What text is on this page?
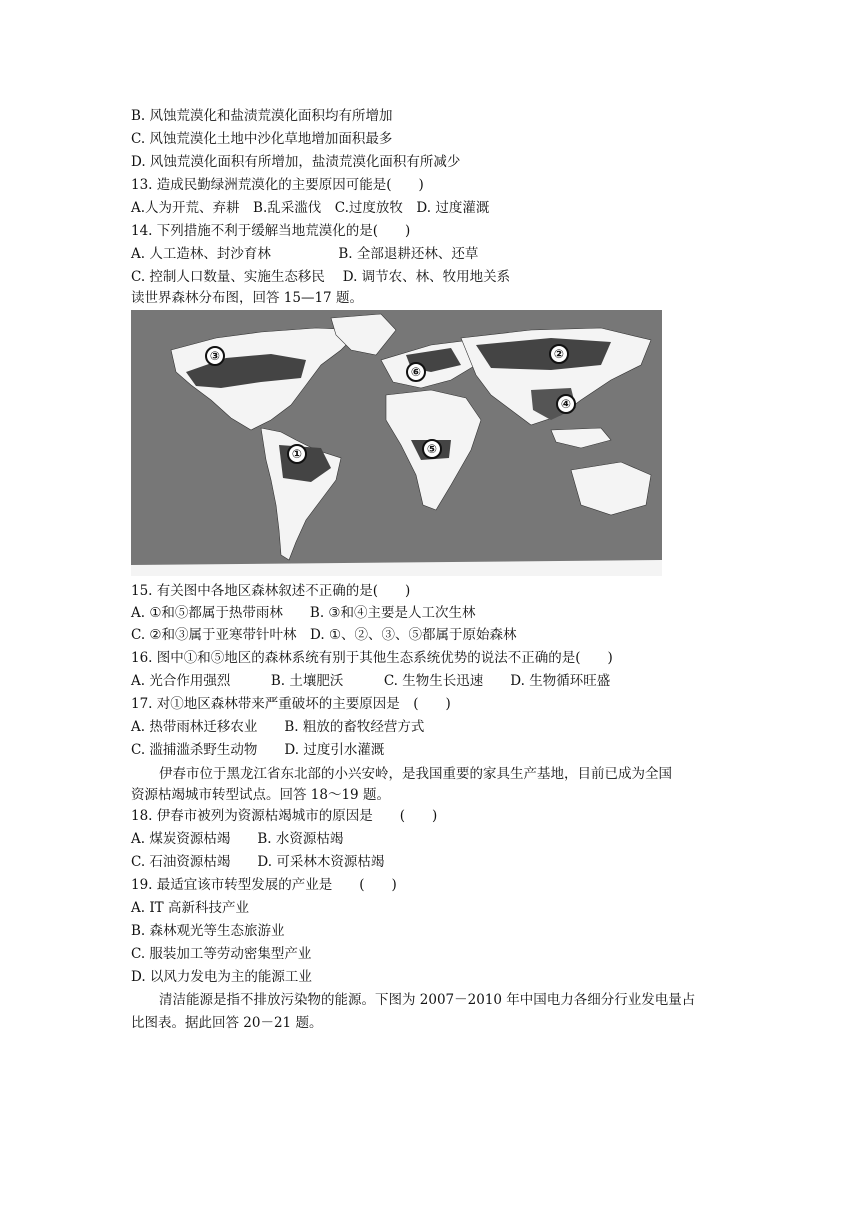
B. 风蚀荒漠化和盐渍荒漠化面积均有所增加
C. 风蚀荒漠化土地中沙化草地增加面积最多
D. 风蚀荒漠化面积有所增加，盐渍荒漠化面积有所减少
13. 造成民勤绿洲荒漠化的主要原因可能是(　　)
A.人为开荒、弃耕　B.乱采滥伐　C.过度放牧　D. 过度灌溉
14. 下列措施不利于缓解当地荒漠化的是(　　)
A. 人工造林、封沙育林　　　　　B. 全部退耕还林、还草
C. 控制人口数量、实施生态移民　 D. 调节农、林、牧用地关系
读世界森林分布图，回答 15—17 题。
①
②
③
④
⑤
⑥
15. 有关图中各地区森林叙述不正确的是(　　)
A. ①和⑤都属于热带雨林　　B. ③和④主要是人工次生林
C. ②和③属于亚寒带针叶林　D. ①、②、③、⑤都属于原始森林
16. 图中①和⑤地区的森林系统有别于其他生态系统优势的说法不正确的是(　　)
A. 光合作用强烈　　　B. 土壤肥沃　　　C. 生物生长迅速　　D. 生物循环旺盛
17. 对①地区森林带来严重破坏的主要原因是　(　　)
A. 热带雨林迁移农业　　B. 粗放的畜牧经营方式
C. 滥捕滥杀野生动物　　D. 过度引水灌溉
伊春市位于黑龙江省东北部的小兴安岭，是我国重要的家具生产基地，目前已成为全国
资源枯竭城市转型试点。回答 18～19 题。
18. 伊春市被列为资源枯竭城市的原因是　　(　　)
A. 煤炭资源枯竭　　B. 水资源枯竭
C. 石油资源枯竭　　D. 可采林木资源枯竭
19. 最适宜该市转型发展的产业是　　(　　)
A. IT 高新科技产业
B. 森林观光等生态旅游业
C. 服装加工等劳动密集型产业
D. 以风力发电为主的能源工业
清洁能源是指不排放污染物的能源。下图为 2007－2010 年中国电力各细分行业发电量占
比图表。据此回答 20－21 题。
